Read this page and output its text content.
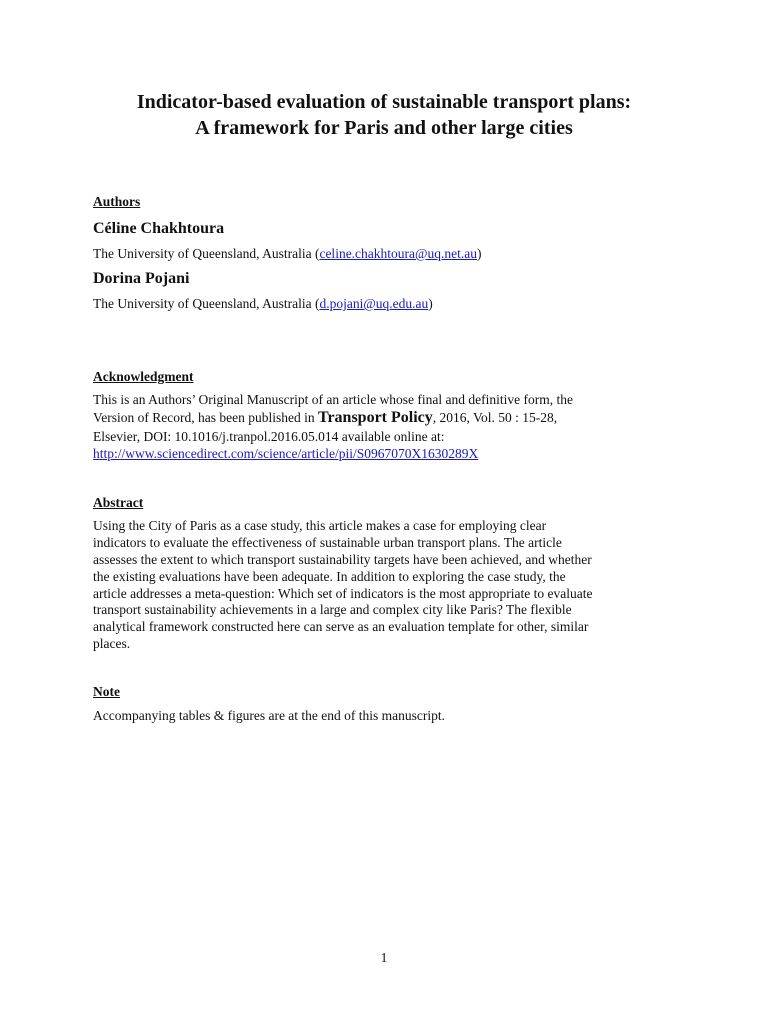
Indicator-based evaluation of sustainable transport plans:
A framework for Paris and other large cities
Authors
Céline Chakhtoura
The University of Queensland, Australia (celine.chakhtoura@uq.net.au)
Dorina Pojani
The University of Queensland, Australia (d.pojani@uq.edu.au)
Acknowledgment
This is an Authors’ Original Manuscript of an article whose final and definitive form, the
Version of Record, has been published in Transport Policy, 2016, Vol. 50 : 15-28,
Elsevier, DOI: 10.1016/j.tranpol.2016.05.014 available online at:
http://www.sciencedirect.com/science/article/pii/S0967070X1630289X
Abstract
Using the City of Paris as a case study, this article makes a case for employing clear
indicators to evaluate the effectiveness of sustainable urban transport plans. The article
assesses the extent to which transport sustainability targets have been achieved, and whether
the existing evaluations have been adequate. In addition to exploring the case study, the
article addresses a meta-question: Which set of indicators is the most appropriate to evaluate
transport sustainability achievements in a large and complex city like Paris? The flexible
analytical framework constructed here can serve as an evaluation template for other, similar
places.
Note
Accompanying tables & figures are at the end of this manuscript.
1
